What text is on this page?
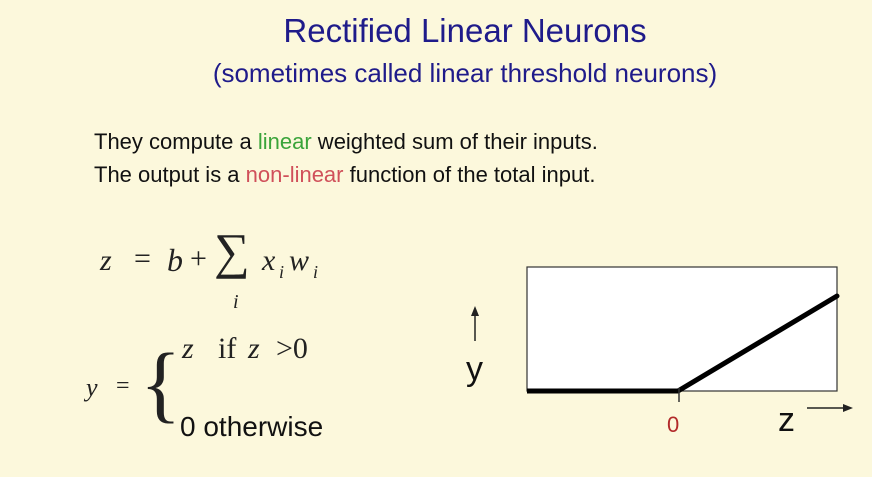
Rectified Linear Neurons
(sometimes called linear threshold neurons)
They compute a linear weighted sum of their inputs.
The output is a non-linear function of the total input.
z = b + ∑
i
x i w i
y = { z if z >0
0 otherwise
y
z
0
